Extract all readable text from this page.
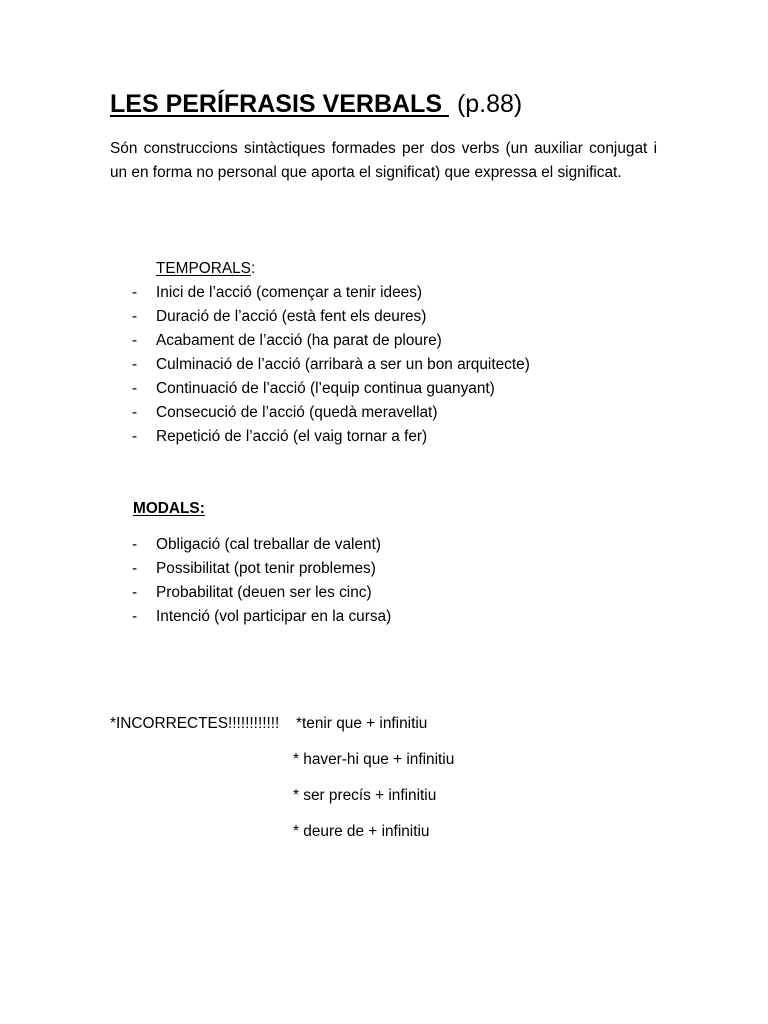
LES PERÍFRASIS VERBALS (p.88)

Són construccions sintàctiques formades per dos verbs (un auxiliar conjugat i un en forma no personal que aporta el significat) que expressa el significat.

TEMPORALS:
- Inici de l’acció (començar a tenir idees)
- Duració de l’acció (està fent els deures)
- Acabament de l’acció (ha parat de ploure)
- Culminació de l’acció (arribarà a ser un bon arquitecte)
- Continuació de l’acció (l’equip continua guanyant)
- Consecució de l’acció (quedà meravellat)
- Repetició de l’acció (el vaig tornar a fer)
MODALS:
- Obligació (cal treballar de valent)
- Possibilitat (pot tenir problemes)
- Probabilitat (deuen ser les cinc)
- Intenció (vol participar en la cursa)
*INCORRECTES!!!!!!!!!!!! *tenir que + infinitiu
* haver-hi que + infinitiu
* ser precís + infinitiu
* deure de + infinitiu
